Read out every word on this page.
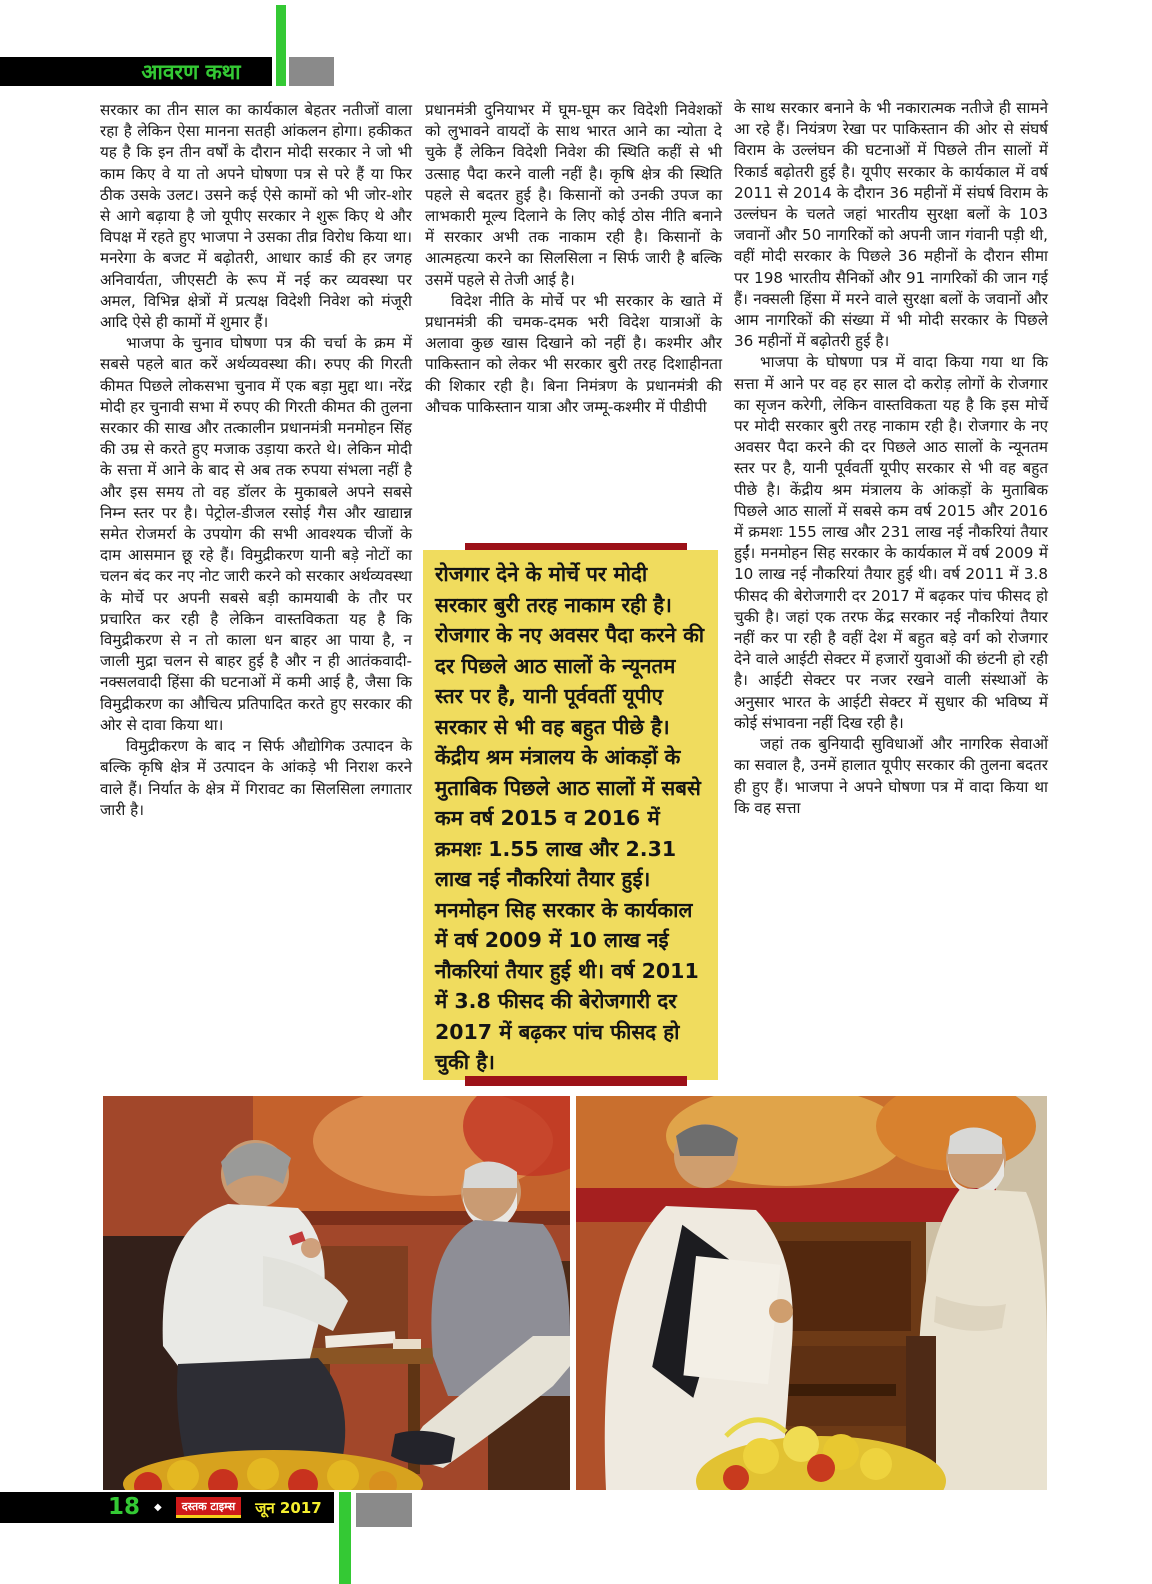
आवरण कथा

सरकार का तीन साल का कार्यकाल बेहतर नतीजों वाला रहा है लेकिन ऐसा मानना सतही आंकलन होगा। हकीकत यह है कि इन तीन वर्षों के दौरान मोदी सरकार ने जो भी काम किए वे या तो अपने घोषणा पत्र से परे हैं या फिर ठीक उसके उलट। उसने कई ऐसे कामों को भी जोर-शोर से आगे बढ़ाया है जो यूपीए सरकार ने शुरू किए थे और विपक्ष में रहते हुए भाजपा ने उसका तीव्र विरोध किया था। मनरेगा के बजट में बढ़ोतरी, आधार कार्ड की हर जगह अनिवार्यता, जीएसटी के रूप में नई कर व्यवस्था पर अमल, विभिन्न क्षेत्रों में प्रत्यक्ष विदेशी निवेश को मंजूरी आदि ऐसे ही कामों में शुमार हैं।

भाजपा के चुनाव घोषणा पत्र की चर्चा के क्रम में सबसे पहले बात करें अर्थव्यवस्था की। रुपए की गिरती कीमत पिछले लोकसभा चुनाव में एक बड़ा मुद्दा था। नरेंद्र मोदी हर चुनावी सभा में रुपए की गिरती कीमत की तुलना सरकार की साख और तत्कालीन प्रधानमंत्री मनमोहन सिंह की उम्र से करते हुए मजाक उड़ाया करते थे। लेकिन मोदी के सत्ता में आने के बाद से अब तक रुपया संभला नहीं है और इस समय तो वह डॉलर के मुकाबले अपने सबसे निम्न स्तर पर है। पेट्रोल-डीजल रसोई गैस और खाद्यान्न समेत रोजमर्रा के उपयोग की सभी आवश्यक चीजों के दाम आसमान छू रहे हैं। विमुद्रीकरण यानी बड़े नोटों का चलन बंद कर नए नोट जारी करने को सरकार अर्थव्यवस्था के मोर्चे पर अपनी सबसे बड़ी कामयाबी के तौर पर प्रचारित कर रही है लेकिन वास्तविकता यह है कि विमुद्रीकरण से न तो काला धन बाहर आ पाया है, न जाली मुद्रा चलन से बाहर हुई है और न ही आतंकवादी-नक्सलवादी हिंसा की घटनाओं में कमी आई है, जैसा कि विमुद्रीकरण का औचित्य प्रतिपादित करते हुए सरकार की ओर से दावा किया था।

विमुद्रीकरण के बाद न सिर्फ औद्योगिक उत्पादन के बल्कि कृषि क्षेत्र में उत्पादन के आंकड़े भी निराश करने वाले हैं। निर्यात के क्षेत्र में गिरावट का सिलसिला लगातार जारी है।

प्रधानमंत्री दुनियाभर में घूम-घूम कर विदेशी निवेशकों को लुभावने वायदों के साथ भारत आने का न्योता दे चुके हैं लेकिन विदेशी निवेश की स्थिति कहीं से भी उत्साह पैदा करने वाली नहीं है। कृषि क्षेत्र की स्थिति पहले से बदतर हुई है। किसानों को उनकी उपज का लाभकारी मूल्य दिलाने के लिए कोई ठोस नीति बनाने में सरकार अभी तक नाकाम रही है। किसानों के आत्महत्या करने का सिलसिला न सिर्फ जारी है बल्कि उसमें पहले से तेजी आई है।

विदेश नीति के मोर्चे पर भी सरकार के खाते में प्रधानमंत्री की चमक-दमक भरी विदेश यात्राओं के अलावा कुछ खास दिखाने को नहीं है। कश्मीर और पाकिस्तान को लेकर भी सरकार बुरी तरह दिशाहीनता की शिकार रही है। बिना निमंत्रण के प्रधानमंत्री की औचक पाकिस्तान यात्रा और जम्मू-कश्मीर में पीडीपी

के साथ सरकार बनाने के भी नकारात्मक नतीजे ही सामने आ रहे हैं। नियंत्रण रेखा पर पाकिस्तान की ओर से संघर्ष विराम के उल्लंघन की घटनाओं में पिछले तीन सालों में रिकार्ड बढ़ोतरी हुई है। यूपीए सरकार के कार्यकाल में वर्ष 2011 से 2014 के दौरान 36 महीनों में संघर्ष विराम के उल्लंघन के चलते जहां भारतीय सुरक्षा बलों के 103 जवानों और 50 नागरिकों को अपनी जान गंवानी पड़ी थी, वहीं मोदी सरकार के पिछले 36 महीनों के दौरान सीमा पर 198 भारतीय सैनिकों और 91 नागरिकों की जान गई हैं। नक्सली हिंसा में मरने वाले सुरक्षा बलों के जवानों और आम नागरिकों की संख्या में भी मोदी सरकार के पिछले 36 महीनों में बढ़ोतरी हुई है।

भाजपा के घोषणा पत्र में वादा किया गया था कि सत्ता में आने पर वह हर साल दो करोड़ लोगों के रोजगार का सृजन करेगी, लेकिन वास्तविकता यह है कि इस मोर्चे पर मोदी सरकार बुरी तरह नाकाम रही है। रोजगार के नए अवसर पैदा करने की दर पिछले आठ सालों के न्यूनतम स्तर पर है, यानी पूर्ववर्ती यूपीए सरकार से भी वह बहुत पीछे है। केंद्रीय श्रम मंत्रालय के आंकड़ों के मुताबिक पिछले आठ सालों में सबसे कम वर्ष 2015 और 2016 में क्रमशः 155 लाख और 231 लाख नई नौकरियां तैयार हुईं। मनमोहन सिह सरकार के कार्यकाल में वर्ष 2009 में 10 लाख नई नौकरियां तैयार हुई थी। वर्ष 2011 में 3.8 फीसद की बेरोजगारी दर 2017 में बढ़कर पांच फीसद हो चुकी है। जहां एक तरफ केंद्र सरकार नई नौकरियां तैयार नहीं कर पा रही है वहीं देश में बहुत बड़े वर्ग को रोजगार देने वाले आईटी सेक्टर में हजारों युवाओं की छंटनी हो रही है। आईटी सेक्टर पर नजर रखने वाली संस्थाओं के अनुसार भारत के आईटी सेक्टर में सुधार की भविष्य में कोई संभावना नहीं दिख रही है।

जहां तक बुनियादी सुविधाओं और नागरिक सेवाओं का सवाल है, उनमें हालात यूपीए सरकार की तुलना बदतर ही हुए हैं। भाजपा ने अपने घोषणा पत्र में वादा किया था कि वह सत्ता

रोजगार देने के मोर्चे पर मोदी सरकार बुरी तरह नाकाम रही है। रोजगार के नए अवसर पैदा करने की दर पिछले आठ सालों के न्यूनतम स्तर पर है, यानी पूर्ववर्ती यूपीए सरकार से भी वह बहुत पीछे है। केंद्रीय श्रम मंत्रालय के आंकड़ों के मुताबिक पिछले आठ सालों में सबसे कम वर्ष 2015 व 2016 में क्रमशः 1.55 लाख और 2.31 लाख नई नौकरियां तैयार हुई। मनमोहन सिह सरकार के कार्यकाल में वर्ष 2009 में 10 लाख नई नौकरियां तैयार हुई थी। वर्ष 2011 में 3.8 फीसद की बेरोजगारी दर 2017 में बढ़कर पांच फीसद हो चुकी है।
18 ◆	दस्तक टाइम्स	जून 2017
